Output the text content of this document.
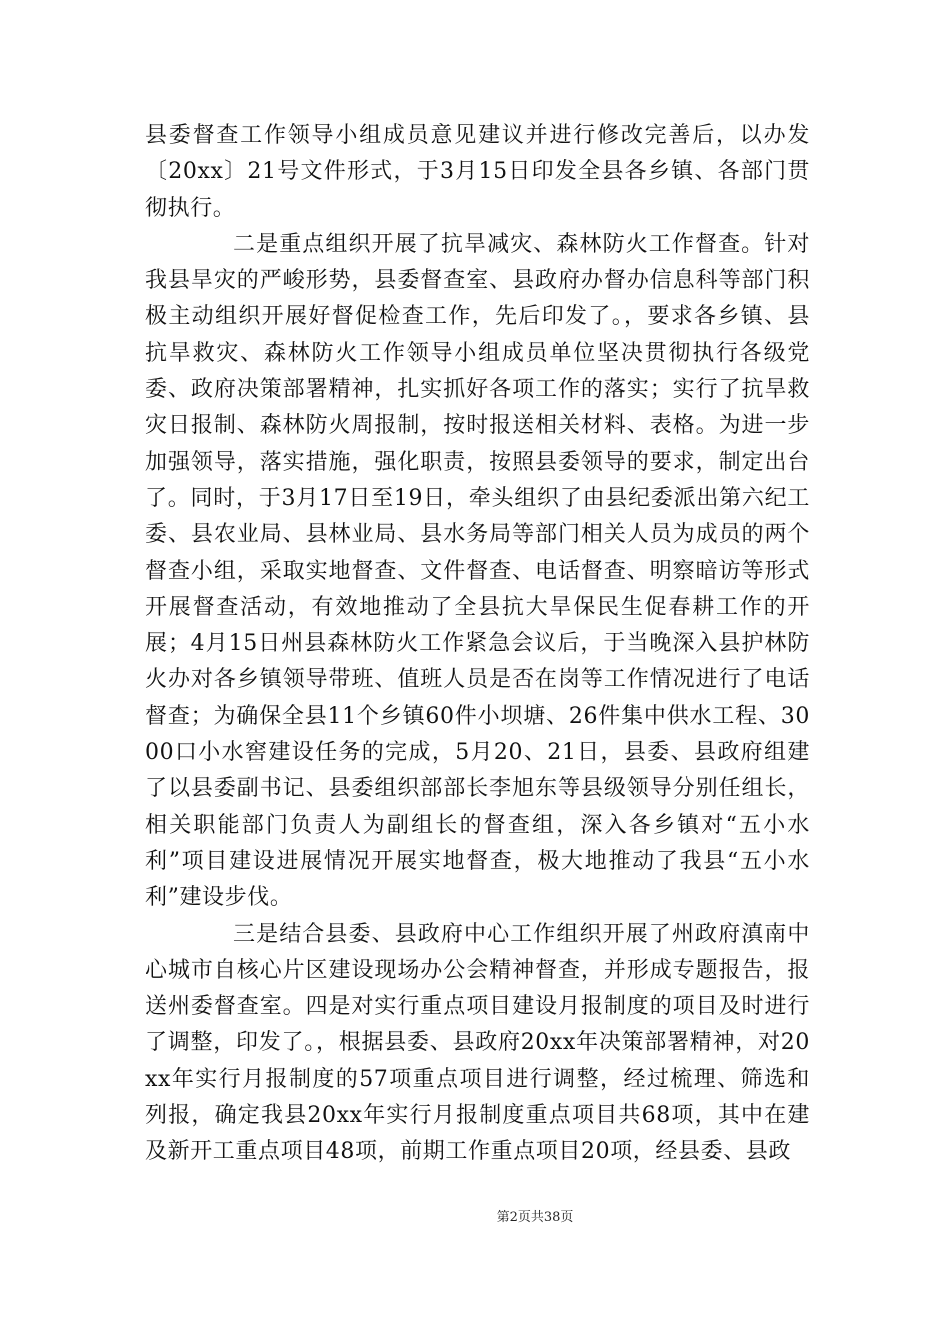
县委督查工作领导小组成员意见建议并进行修改完善后，以办发〔20xx〕21号文件形式，于3月15日印发全县各乡镇、各部门贯彻执行。

二是重点组织开展了抗旱减灾、森林防火工作督查。针对我县旱灾的严峻形势，县委督查室、县政府办督办信息科等部门积极主动组织开展好督促检查工作，先后印发了。，要求各乡镇、县抗旱救灾、森林防火工作领导小组成员单位坚决贯彻执行各级党委、政府决策部署精神，扎实抓好各项工作的落实；实行了抗旱救灾日报制、森林防火周报制，按时报送相关材料、表格。为进一步加强领导，落实措施，强化职责，按照县委领导的要求，制定出台了。同时，于3月17日至19日，牵头组织了由县纪委派出第六纪工委、县农业局、县林业局、县水务局等部门相关人员为成员的两个督查小组，采取实地督查、文件督查、电话督查、明察暗访等形式开展督查活动，有效地推动了全县抗大旱保民生促春耕工作的开展；4月15日州县森林防火工作紧急会议后，于当晚深入县护林防火办对各乡镇领导带班、值班人员是否在岗等工作情况进行了电话督查；为确保全县11个乡镇60件小坝塘、26件集中供水工程、3000口小水窖建设任务的完成，5月20、21日，县委、县政府组建了以县委副书记、县委组织部部长李旭东等县级领导分别任组长，相关职能部门负责人为副组长的督查组，深入各乡镇对“五小水利”项目建设进展情况开展实地督查，极大地推动了我县“五小水利”建设步伐。

三是结合县委、县政府中心工作组织开展了州政府滇南中心城市自核心片区建设现场办公会精神督查，并形成专题报告，报送州委督查室。四是对实行重点项目建设月报制度的项目及时进行了调整，印发了。，根据县委、县政府20xx年决策部署精神，对20xx年实行月报制度的57项重点项目进行调整，经过梳理、筛选和列报，确定我县20xx年实行月报制度重点项目共68项，其中在建及新开工重点项目48项，前期工作重点项目20项，经县委、县政

第2页共38页
